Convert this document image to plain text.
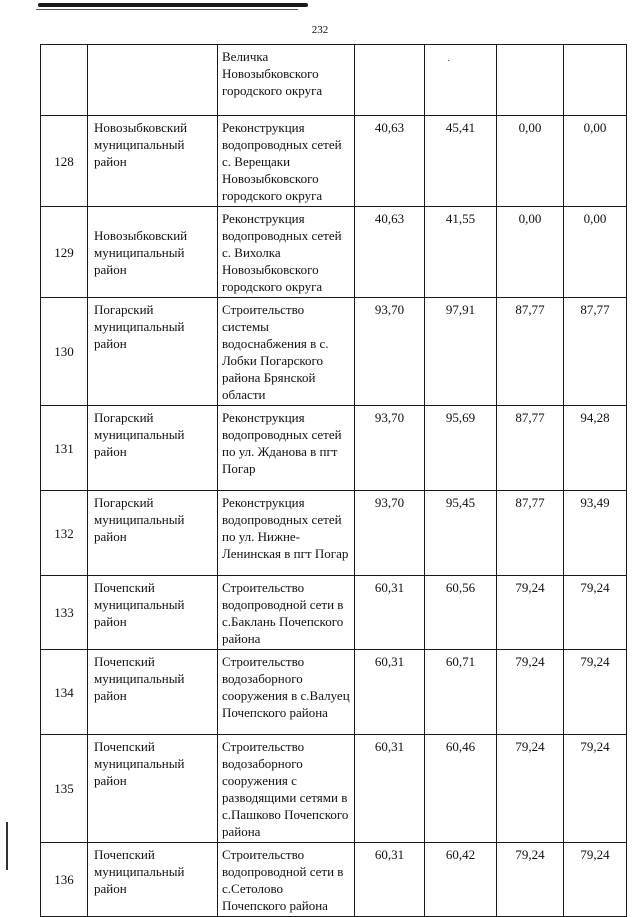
232
·
		Величка Новозыбковского городского округа				
128	Новозыбковский муниципальный район	Реконструкция водопроводных сетей с. Верещаки Новозыбковского городского округа	40,63	45,41	0,00	0,00
129	Новозыбковский муниципальный район	Реконструкция водопроводных сетей с. Вихолка Новозыбковского городского округа	40,63	41,55	0,00	0,00
130	Погарский муниципальный район	Строительство системы водоснабжения в с. Лобки Погарского района Брянской области	93,70	97,91	87,77	87,77
131	Погарский муниципальный район	Реконструкция водопроводных сетей по ул. Жданова в пгт Погар	93,70	95,69	87,77	94,28
132	Погарский муниципальный район	Реконструкция водопроводных сетей по ул. Нижне-Ленинская в пгт Погар	93,70	95,45	87,77	93,49
133	Почепский муниципальный район	Строительство водопроводной сети в с.Баклань Почепского района	60,31	60,56	79,24	79,24
134	Почепский муниципальный район	Строительство водозаборного сооружения в с.Валуец Почепского района	60,31	60,71	79,24	79,24
135	Почепский муниципальный район	Строительство водозаборного сооружения с разводящими сетями в с.Пашково Почепского района	60,31	60,46	79,24	79,24
136	Почепский муниципальный район	Строительство водопроводной сети в с.Сетолово Почепского района	60,31	60,42	79,24	79,24
